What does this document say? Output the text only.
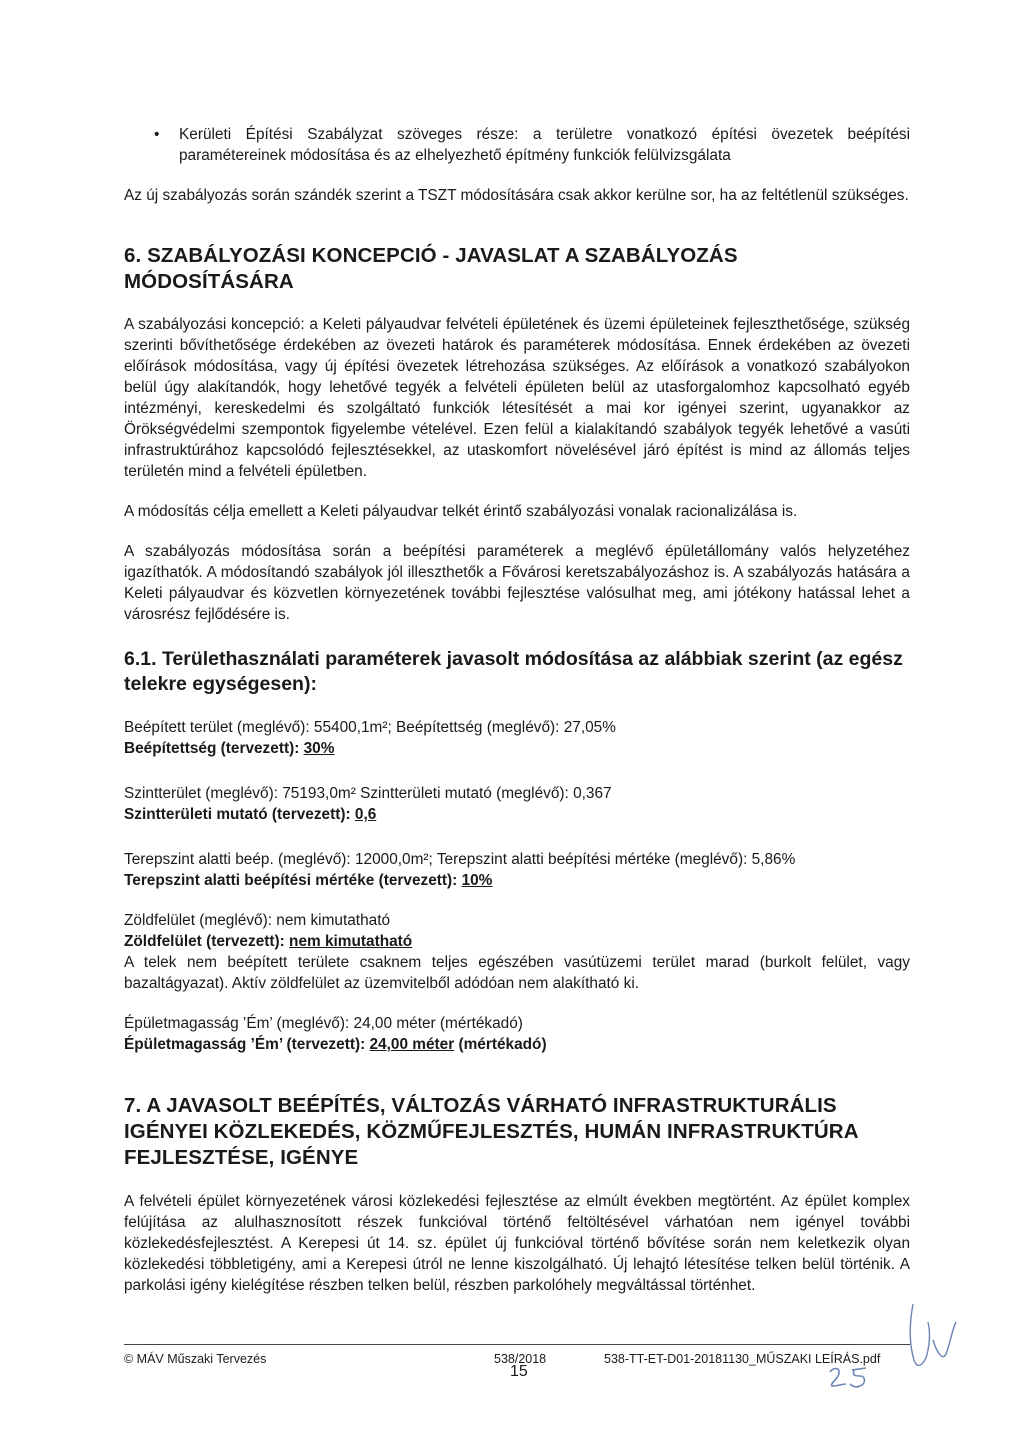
•	Kerületi Építési Szabályzat szöveges része: a területre vonatkozó építési övezetek beépítési paramétereinek módosítása és az elhelyezhető építmény funkciók felülvizsgálata

Az új szabályozás során szándék szerint a TSZT módosítására csak akkor kerülne sor, ha az feltétlenül szükséges.

6. SZABÁLYOZÁSI KONCEPCIÓ - JAVASLAT A SZABÁLYOZÁS MÓDOSÍTÁSÁRA

A szabályozási koncepció: a Keleti pályaudvar felvételi épületének és üzemi épületeinek fejleszthetősége, szükség szerinti bővíthetősége érdekében az övezeti határok és paraméterek módosítása. Ennek érdekében az övezeti előírások módosítása, vagy új építési övezetek létrehozása szükséges. Az előírások a vonatkozó szabályokon belül úgy alakítandók, hogy lehetővé tegyék a felvételi épületen belül az utasforgalomhoz kapcsolható egyéb intézményi, kereskedelmi és szolgáltató funkciók létesítését a mai kor igényei szerint, ugyanakkor az Örökségvédelmi szempontok figyelembe vételével. Ezen felül a kialakítandó szabályok tegyék lehetővé a vasúti infrastruktúrához kapcsolódó fejlesztésekkel, az utaskomfort növelésével járó építést is mind az állomás teljes területén mind a felvételi épületben.

A módosítás célja emellett a Keleti pályaudvar telkét érintő szabályozási vonalak racionalizálása is.

A szabályozás módosítása során a beépítési paraméterek a meglévő épületállomány valós helyzetéhez igazíthatók. A módosítandó szabályok jól illeszthetők a Fővárosi keretszabályozáshoz is. A szabályozás hatására a Keleti pályaudvar és közvetlen környezetének további fejlesztése valósulhat meg, ami jótékony hatással lehet a városrész fejlődésére is.

6.1. Területhasználati paraméterek javasolt módosítása az alábbiak szerint (az egész telekre egységesen):

Beépített terület (meglévő): 55400,1m²; Beépítettség (meglévő): 27,05%

Beépítettség (tervezett): 30%

Szintterület (meglévő): 75193,0m² Szintterületi mutató (meglévő): 0,367

Szintterületi mutató (tervezett): 0,6

Terepszint alatti beép. (meglévő): 12000,0m²; Terepszint alatti beépítési mértéke (meglévő): 5,86%

Terepszint alatti beépítési mértéke (tervezett): 10%

Zöldfelület (meglévő): nem kimutatható

Zöldfelület (tervezett): nem kimutatható

A telek nem beépített területe csaknem teljes egészében vasútüzemi terület marad (burkolt felület, vagy bazaltágyazat). Aktív zöldfelület az üzemvitelből adódóan nem alakítható ki.

Épületmagasság ’Ém’ (meglévő): 24,00 méter (mértékadó)

Épületmagasság ’Ém’ (tervezett): 24,00 méter (mértékadó)

7. A JAVASOLT BEÉPÍTÉS, VÁLTOZÁS VÁRHATÓ INFRASTRUKTURÁLIS IGÉNYEI KÖZLEKEDÉS, KÖZMŰFEJLESZTÉS, HUMÁN INFRASTRUKTÚRA FEJLESZTÉSE, IGÉNYE

A felvételi épület környezetének városi közlekedési fejlesztése az elmúlt években megtörtént. Az épület komplex felújítása az alulhasznosított részek funkcióval történő feltöltésével várhatóan nem igényel további közlekedésfejlesztést. A Kerepesi út 14. sz. épület új funkcióval történő bővítése során nem keletkezik olyan közlekedési többletigény, ami a Kerepesi útról ne lenne kiszolgálható. Új lehajtó létesítése telken belül történik. A parkolási igény kielégítése részben telken belül, részben parkolóhely megváltással történhet.

© MÁV Műszaki Tervezés	538/2018	538-TT-ET-D01-20181130_MŰSZAKI LEÍRÁS.pdf
15
